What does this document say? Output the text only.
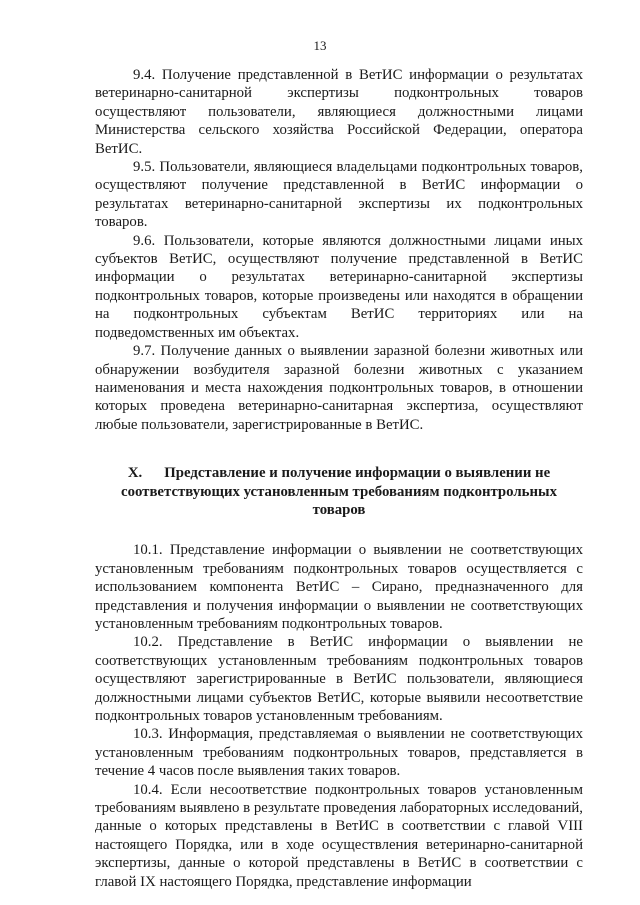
13

9.4. Получение представленной в ВетИС информации о результатах ветеринарно-санитарной экспертизы подконтрольных товаров осуществляют пользователи, являющиеся должностными лицами Министерства сельского хозяйства Российской Федерации, оператора ВетИС.

9.5. Пользователи, являющиеся владельцами подконтрольных товаров, осуществляют получение представленной в ВетИС информации о результатах ветеринарно-санитарной экспертизы их подконтрольных товаров.

9.6. Пользователи, которые являются должностными лицами иных субъектов ВетИС, осуществляют получение представленной в ВетИС информации о результатах ветеринарно-санитарной экспертизы подконтрольных товаров, которые произведены или находятся в обращении на подконтрольных субъектам ВетИС территориях или на подведомственных им объектах.

9.7. Получение данных о выявлении заразной болезни животных или обнаружении возбудителя заразной болезни животных с указанием наименования и места нахождения подконтрольных товаров, в отношении которых проведена ветеринарно-санитарная экспертиза, осуществляют любые пользователи, зарегистрированные в ВетИС.

X. Представление и получение информации о выявлении не соответствующих установленным требованиям подконтрольных товаров

10.1. Представление информации о выявлении не соответствующих установленным требованиям подконтрольных товаров осуществляется с использованием компонента ВетИС – Сирано, предназначенного для представления и получения информации о выявлении не соответствующих установленным требованиям подконтрольных товаров.

10.2. Представление в ВетИС информации о выявлении не соответствующих установленным требованиям подконтрольных товаров осуществляют зарегистрированные в ВетИС пользователи, являющиеся должностными лицами субъектов ВетИС, которые выявили несоответствие подконтрольных товаров установленным требованиям.

10.3. Информация, представляемая о выявлении не соответствующих установленным требованиям подконтрольных товаров, представляется в течение 4 часов после выявления таких товаров.

10.4. Если несоответствие подконтрольных товаров установленным требованиям выявлено в результате проведения лабораторных исследований, данные о которых представлены в ВетИС в соответствии с главой VIII настоящего Порядка, или в ходе осуществления ветеринарно-санитарной экспертизы, данные о которой представлены в ВетИС в соответствии с главой IX настоящего Порядка, представление информации
